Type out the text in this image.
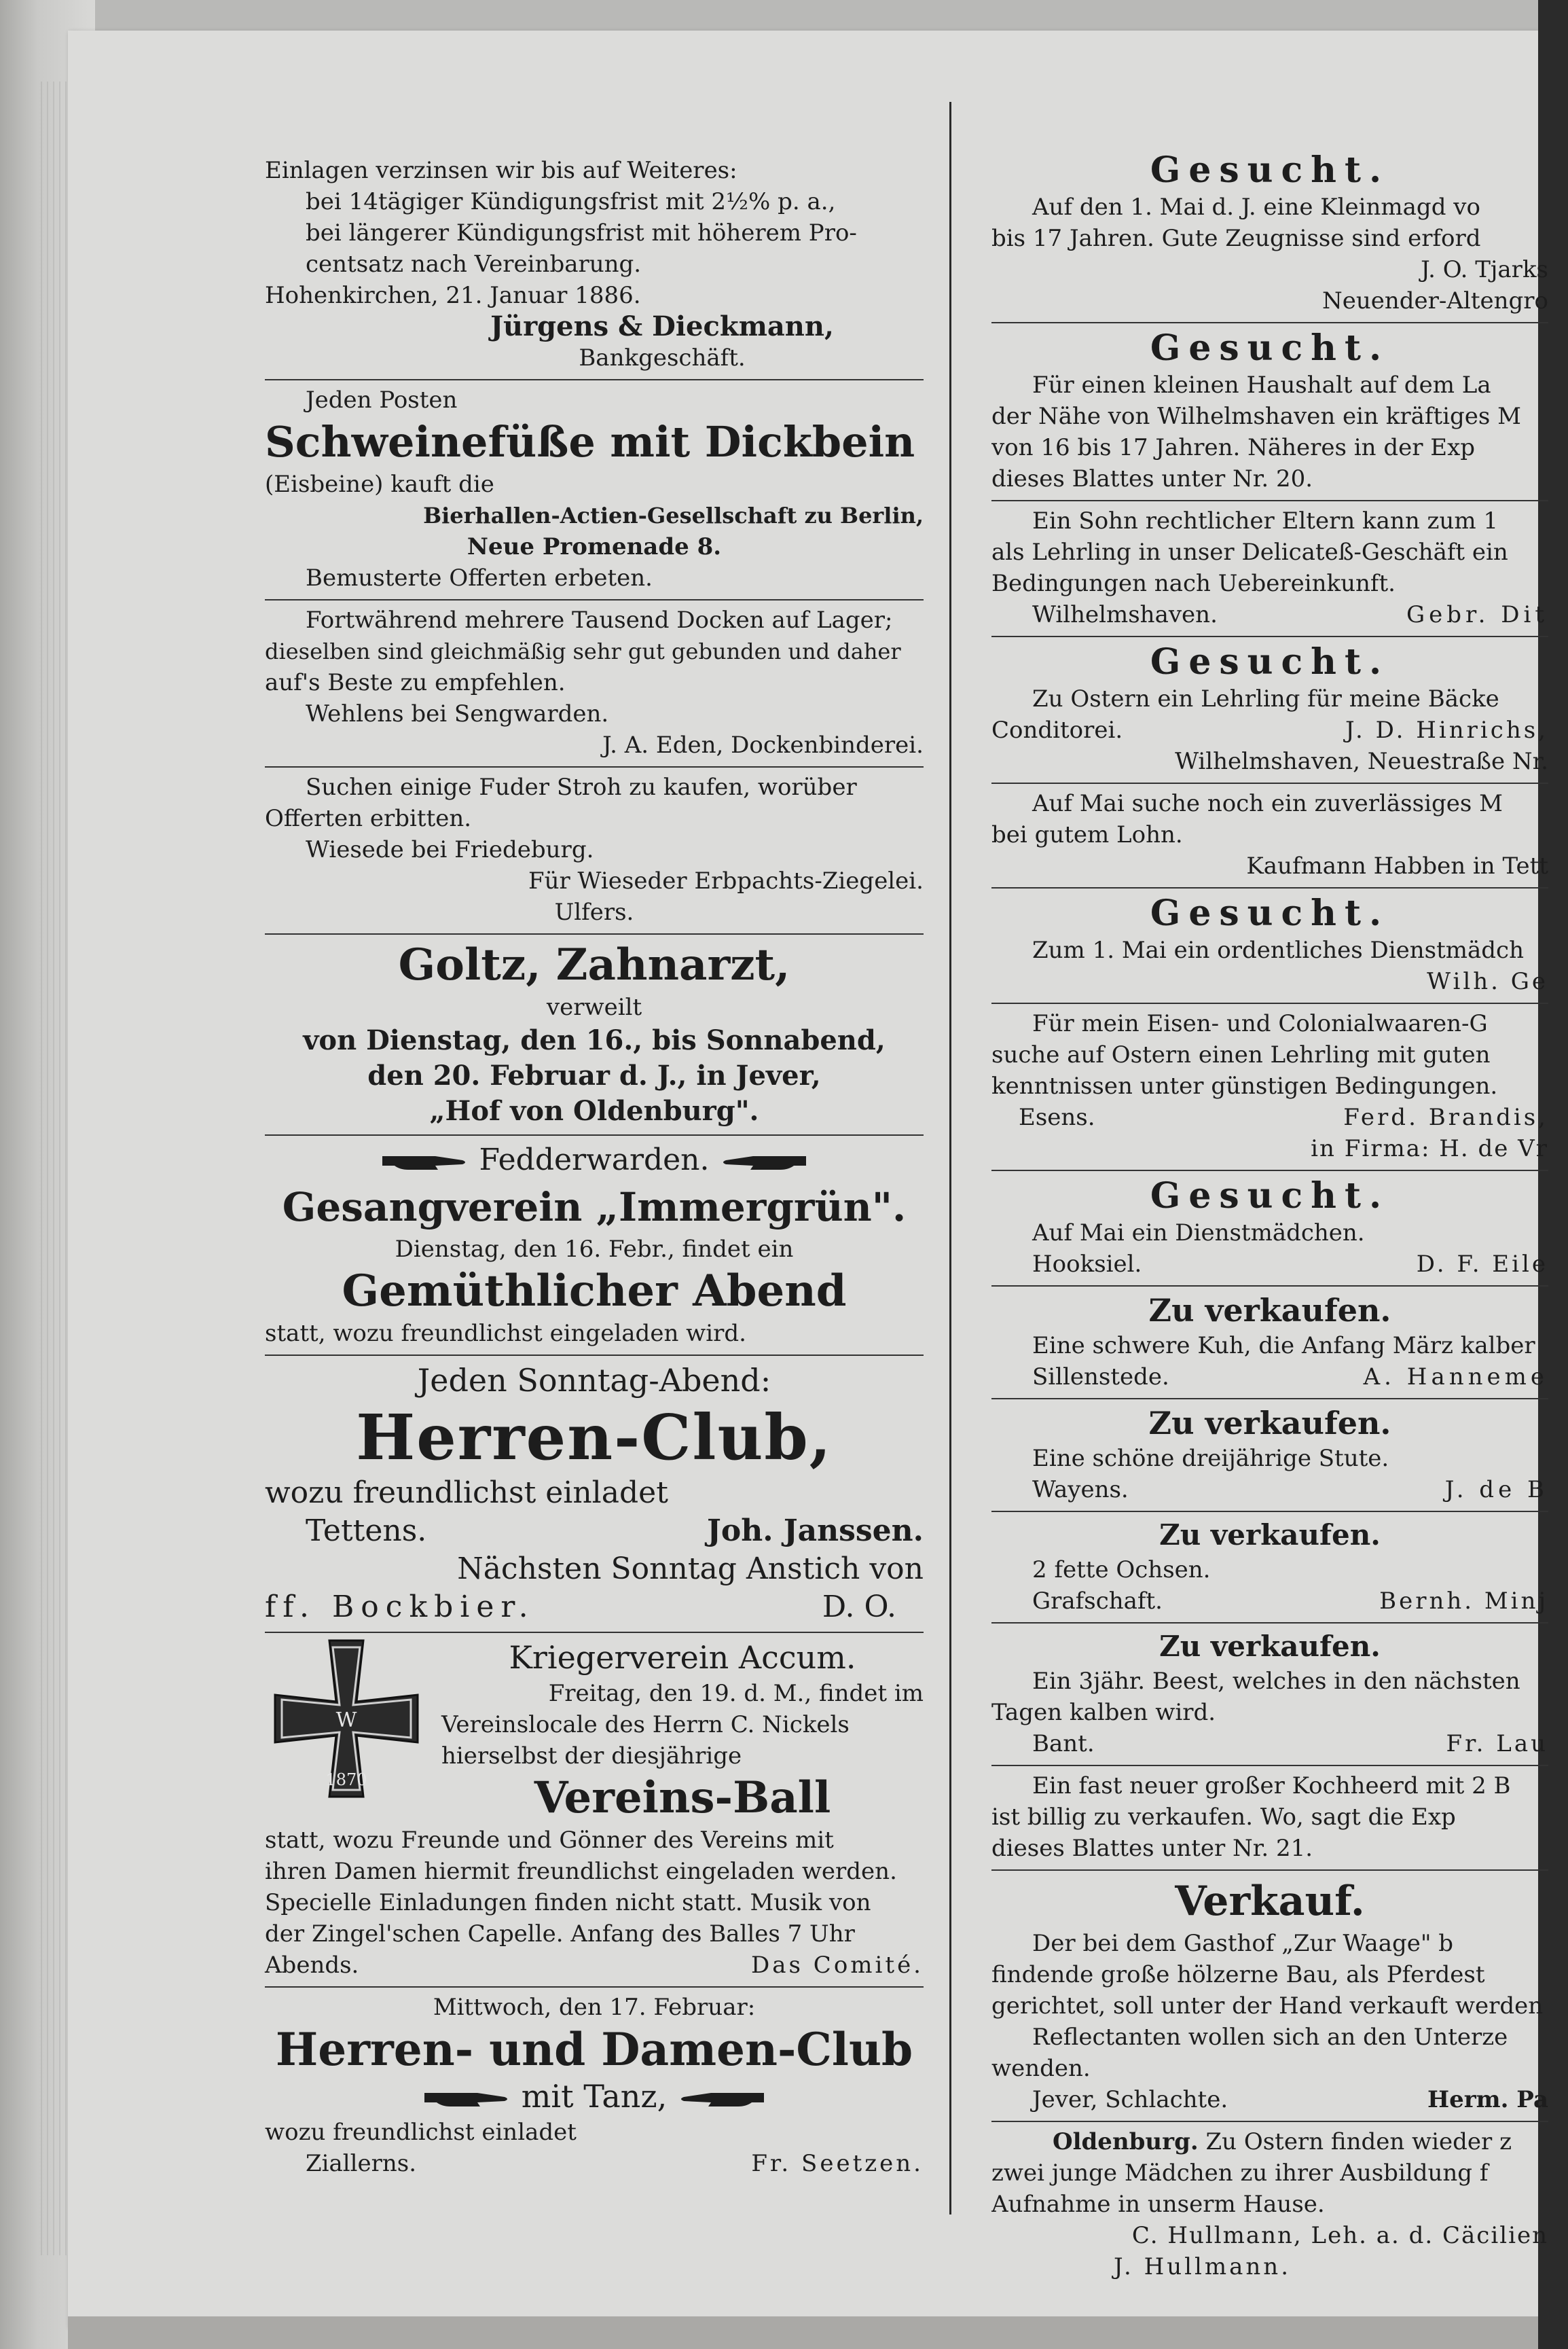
Einlagen verzinsen wir bis auf Weiteres:
bei 14tägiger Kündigungsfrist mit 2½% p. a.,
bei längerer Kündigungsfrist mit höherem Pro-
centsatz nach Vereinbarung.
Hohenkirchen, 21. Januar 1886.
Jürgens & Dieckmann,
Bankgeschäft.
Jeden Posten
Schweinefüße mit Dickbein
(Eisbeine) kauft die
Bierhallen-Actien-Gesellschaft zu Berlin,
Neue Promenade 8.
Bemusterte Offerten erbeten.
Fortwährend mehrere Tausend Docken auf Lager;
dieselben sind gleichmäßig sehr gut gebunden und daher
auf's Beste zu empfehlen.
Wehlens bei Sengwarden.
J. A. Eden, Dockenbinderei.
Suchen einige Fuder Stroh zu kaufen, worüber
Offerten erbitten.
Wiesede bei Friedeburg.
Für Wieseder Erbpachts-Ziegelei.
Ulfers.
Goltz, Zahnarzt,
verweilt
von Dienstag, den 16., bis Sonnabend,
den 20. Februar d. J., in Jever,
„Hof von Oldenburg".
Fedderwarden.
Gesangverein „Immergrün".
Dienstag, den 16. Febr., findet ein
Gemüthlicher Abend
statt, wozu freundlichst eingeladen wird.
Jeden Sonntag-Abend:
Herren-Club,
wozu freundlichst einladet
Tettens.	Joh. Janssen.
Nächsten Sonntag Anstich von
ff. Bockbier.	D. O.
W
1870
Kriegerverein Accum.
Freitag, den 19. d. M., findet im
Vereinslocale des Herrn C. Nickels
hierselbst der diesjährige
Vereins-Ball
statt, wozu Freunde und Gönner des Vereins mit
ihren Damen hiermit freundlichst eingeladen werden.
Specielle Einladungen finden nicht statt. Musik von
der Zingel'schen Capelle. Anfang des Balles 7 Uhr
Abends.	Das Comité.
Mittwoch, den 17. Februar:
Herren- und Damen-Club
mit Tanz,
wozu freundlichst einladet
Ziallerns.	Fr. Seetzen.
Gesucht.
Auf den 1. Mai d. J. eine Kleinmagd vo
bis 17 Jahren. Gute Zeugnisse sind erford
J. O. Tjarks
Neuender-Altengro
Gesucht.
Für einen kleinen Haushalt auf dem La
der Nähe von Wilhelmshaven ein kräftiges M
von 16 bis 17 Jahren. Näheres in der Exp
dieses Blattes unter Nr. 20.
Ein Sohn rechtlicher Eltern kann zum 1
als Lehrling in unser Delicateß-Geschäft ein
Bedingungen nach Uebereinkunft.
Wilhelmshaven.	Gebr. Dit
Gesucht.
Zu Ostern ein Lehrling für meine Bäcke
Conditorei.	J. D. Hinrichs,
Wilhelmshaven, Neuestraße Nr.
Auf Mai suche noch ein zuverlässiges M
bei gutem Lohn.
Kaufmann Habben in Tett
Gesucht.
Zum 1. Mai ein ordentliches Dienstmädch
Wilh. Ge
Für mein Eisen- und Colonialwaaren-G
suche auf Ostern einen Lehrling mit guten
kenntnissen unter günstigen Bedingungen.
Esens.	Ferd. Brandis,
in Firma: H. de Vr
Gesucht.
Auf Mai ein Dienstmädchen.
Hooksiel.	D. F. Eile
Zu verkaufen.
Eine schwere Kuh, die Anfang März kalber
Sillenstede.	A. Hanneme
Zu verkaufen.
Eine schöne dreijährige Stute.
Wayens.	J. de B
Zu verkaufen.
2 fette Ochsen.
Grafschaft.	Bernh. Minj
Zu verkaufen.
Ein 3jähr. Beest, welches in den nächsten
Tagen kalben wird.
Bant.	Fr. Lau
Ein fast neuer großer Kochheerd mit 2 B
ist billig zu verkaufen. Wo, sagt die Exp
dieses Blattes unter Nr. 21.
Verkauf.
Der bei dem Gasthof „Zur Waage" b
findende große hölzerne Bau, als Pferdest
gerichtet, soll unter der Hand verkauft werden
Reflectanten wollen sich an den Unterze
wenden.
Jever, Schlachte.	Herm. Pa
Oldenburg. Zu Ostern finden wieder z
zwei junge Mädchen zu ihrer Ausbildung f
Aufnahme in unserm Hause.
C. Hullmann, Leh. a. d. Cäcilien
J. Hullmann.
